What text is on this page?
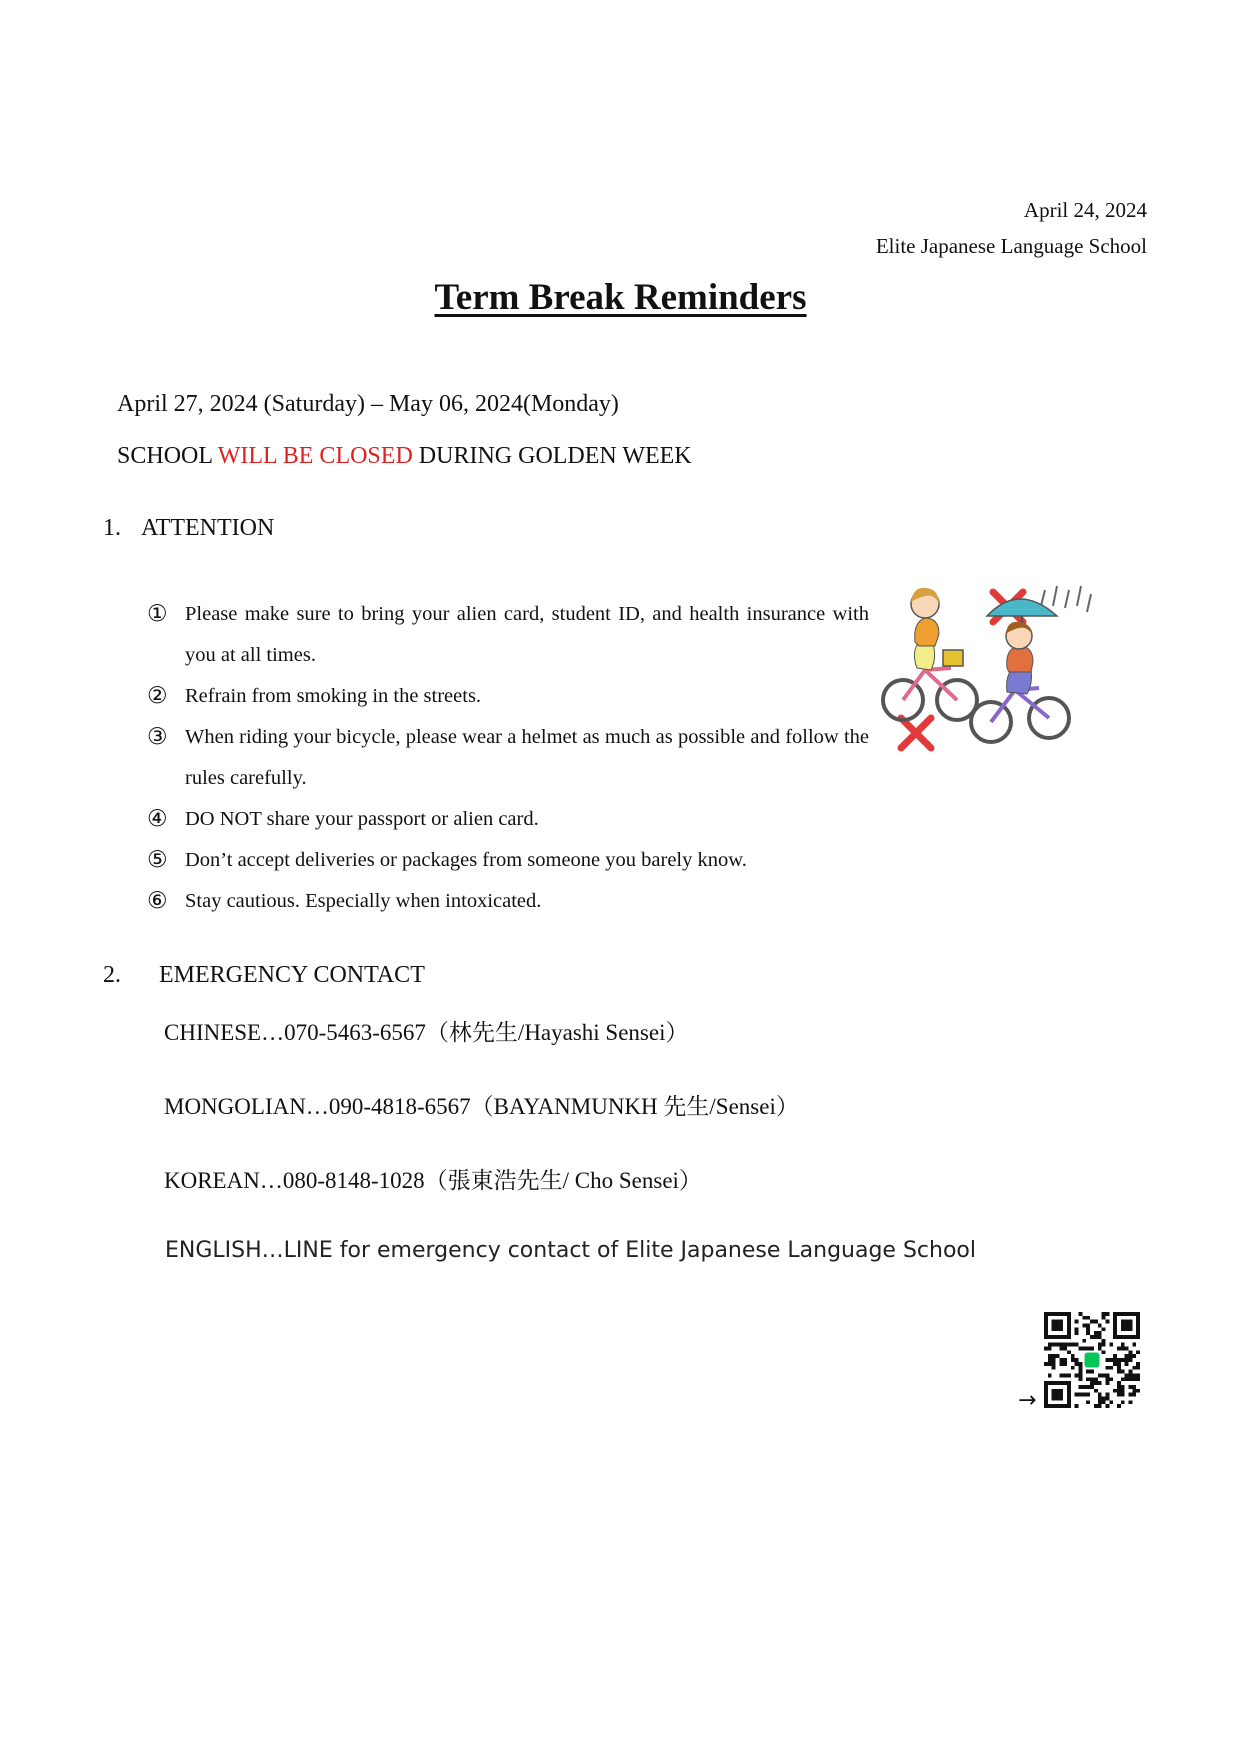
April 24, 2024
Elite Japanese Language School
Term Break Reminders
April 27, 2024 (Saturday) – May 06, 2024(Monday)
SCHOOL WILL BE CLOSED DURING GOLDEN WEEK
1. ATTENTION
① Please make sure to bring your alien card, student ID, and health insurance with you at all times.
② Refrain from smoking in the streets.
③ When riding your bicycle, please wear a helmet as much as possible and follow the rules carefully.
④ DO NOT share your passport or alien card.
⑤ Don’t accept deliveries or packages from someone you barely know.
⑥ Stay cautious. Especially when intoxicated.
2. EMERGENCY CONTACT
CHINESE…070-5463-6567（林先生/Hayashi Sensei）
MONGOLIAN…090-4818-6567（BAYANMUNKH 先生/Sensei）
KOREAN…080-8148-1028（張東浩先生/ Cho Sensei）
ENGLISH…LINE for emergency contact of Elite Japanese Language School
→
